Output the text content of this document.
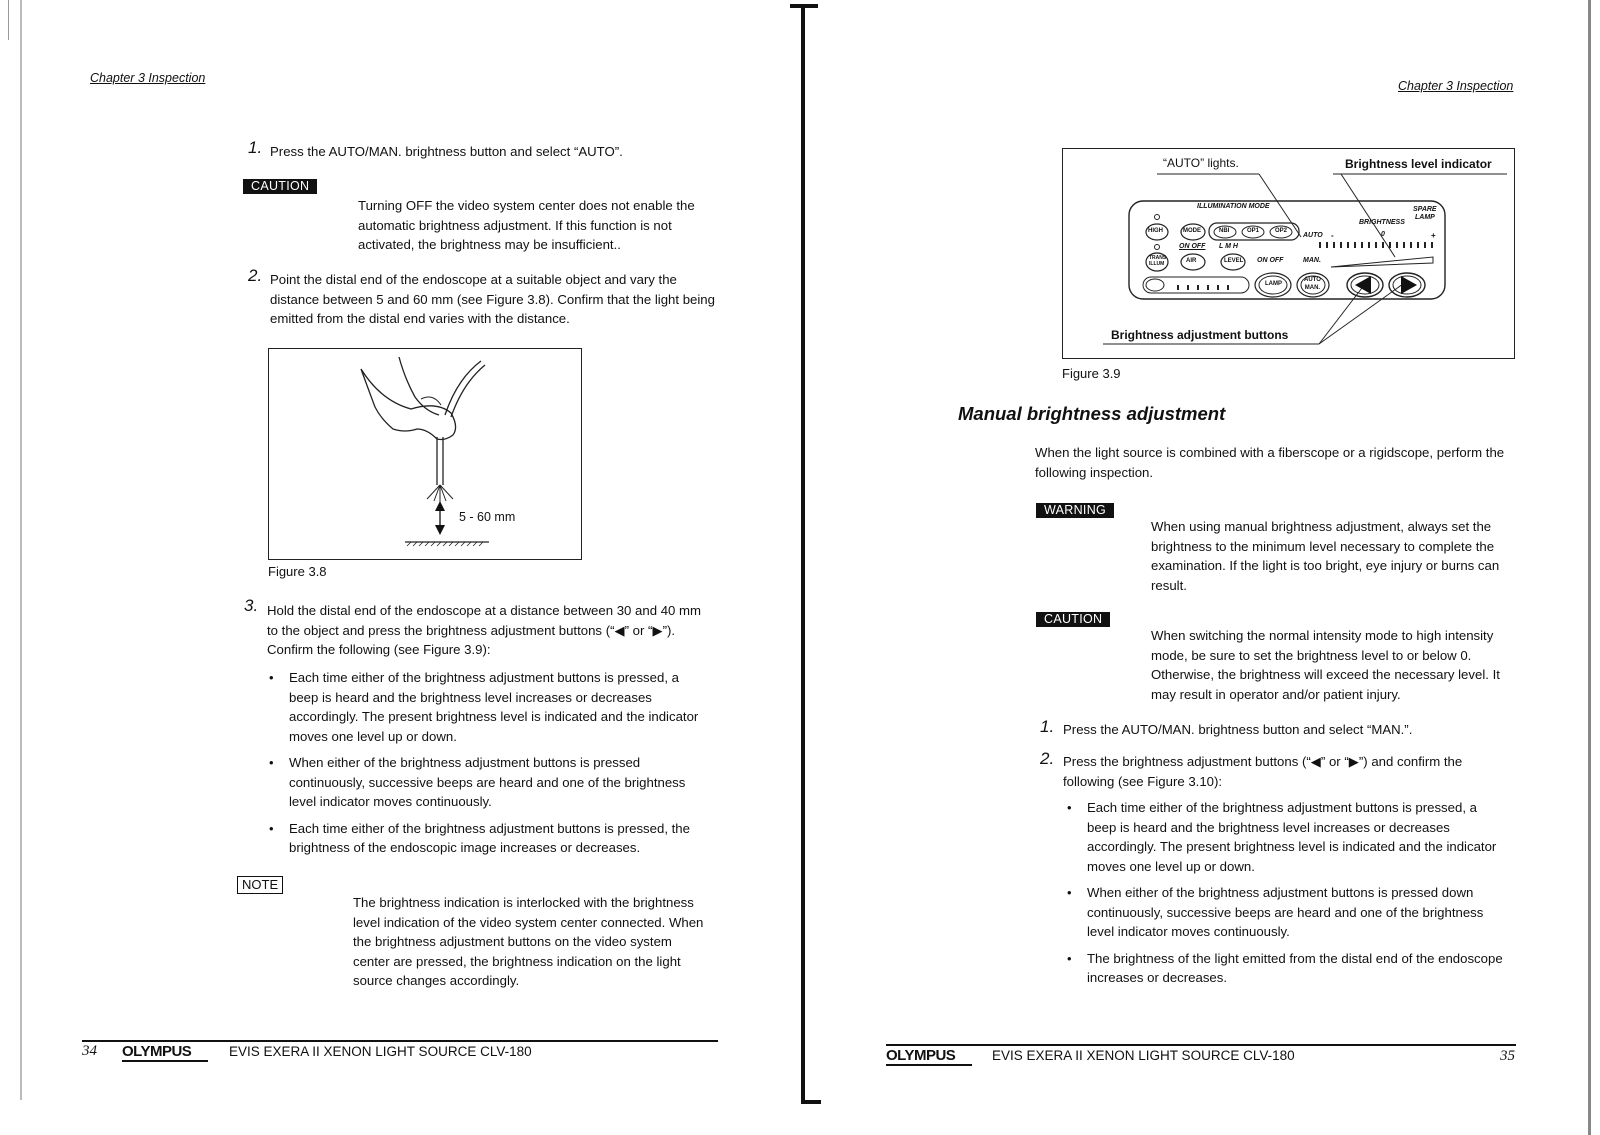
Chapter 3 Inspection
1. Press the AUTO/MAN. brightness button and select “AUTO”.
CAUTION
Turning OFF the video system center does not enable the
automatic brightness adjustment. If this function is not
activated, the brightness may be insufficient..
2. Point the distal end of the endoscope at a suitable object and vary the
distance between 5 and 60 mm (see Figure 3.8). Confirm that the light being
emitted from the distal end varies with the distance.
5 - 60 mm
Figure 3.8
3. Hold the distal end of the endoscope at a distance between 30 and 40 mm
to the object and press the brightness adjustment buttons (“◀” or “▶”).
Confirm the following (see Figure 3.9):
• Each time either of the brightness adjustment buttons is pressed, a
beep is heard and the brightness level increases or decreases
accordingly. The present brightness level is indicated and the indicator
moves one level up or down.
• When either of the brightness adjustment buttons is pressed
continuously, successive beeps are heard and one of the brightness
level indicator moves continuously.
• Each time either of the brightness adjustment buttons is pressed, the
brightness of the endoscopic image increases or decreases.
NOTE
The brightness indication is interlocked with the brightness
level indication of the video system center connected. When
the brightness adjustment buttons on the video system
center are pressed, the brightness indication on the light
source changes accordingly.
34 OLYMPUS	EVIS EXERA II XENON LIGHT SOURCE CLV-180
Chapter 3 Inspection
“AUTO” lights.	Brightness level indicator
Brightness adjustment buttons
ILLUMINATION MODE
BRIGHTNESS
SPARE
LAMP
HIGH	MODE	NBI	OP1	OP2
AUTO -	0	+
ON OFF L M H
TRANS
ILLUM	AIR	LEVEL ON OFF	MAN.
LAMP
AUTO
MAN.
Figure 3.9
Manual brightness adjustment
When the light source is combined with a fiberscope or a rigidscope, perform the
following inspection.
WARNING
When using manual brightness adjustment, always set the
brightness to the minimum level necessary to complete the
examination. If the light is too bright, eye injury or burns can
result.
CAUTION
When switching the normal intensity mode to high intensity
mode, be sure to set the brightness level to or below 0.
Otherwise, the brightness will exceed the necessary level. It
may result in operator and/or patient injury.
1. Press the AUTO/MAN. brightness button and select “MAN.”.
2. Press the brightness adjustment buttons (“◀” or “▶”) and confirm the
following (see Figure 3.10):
• Each time either of the brightness adjustment buttons is pressed, a
beep is heard and the brightness level increases or decreases
accordingly. The present brightness level is indicated and the indicator
moves one level up or down.
• When either of the brightness adjustment buttons is pressed down
continuously, successive beeps are heard and one of the brightness
level indicator moves continuously.
• The brightness of the light emitted from the distal end of the endoscope
increases or decreases.
OLYMPUS	EVIS EXERA II XENON LIGHT SOURCE CLV-180	35
